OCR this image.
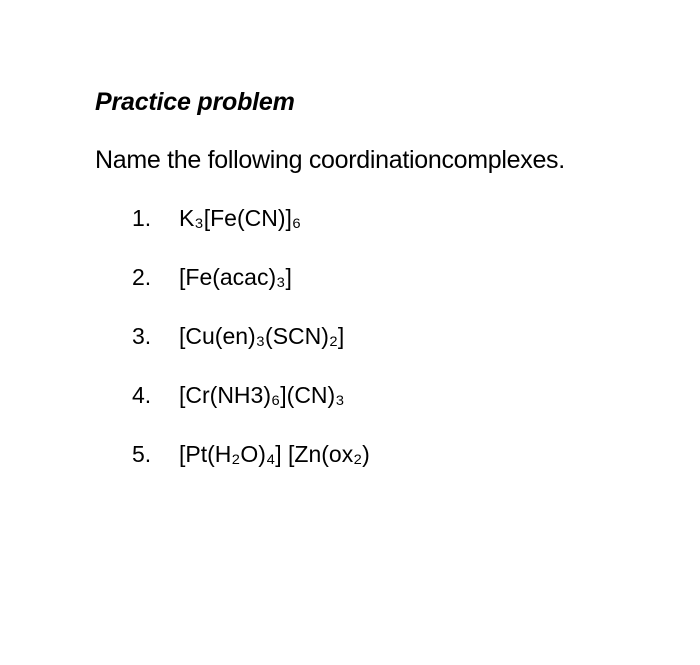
Practice problem
Name the following coordinationcomplexes.
1. K₃[Fe(CN)]₆
2. [Fe(acac)₃]
3. [Cu(en)₃(SCN)₂]
4. [Cr(NH3)₆](CN)₃
5. [Pt(H₂O)₄] [Zn(ox₂)
